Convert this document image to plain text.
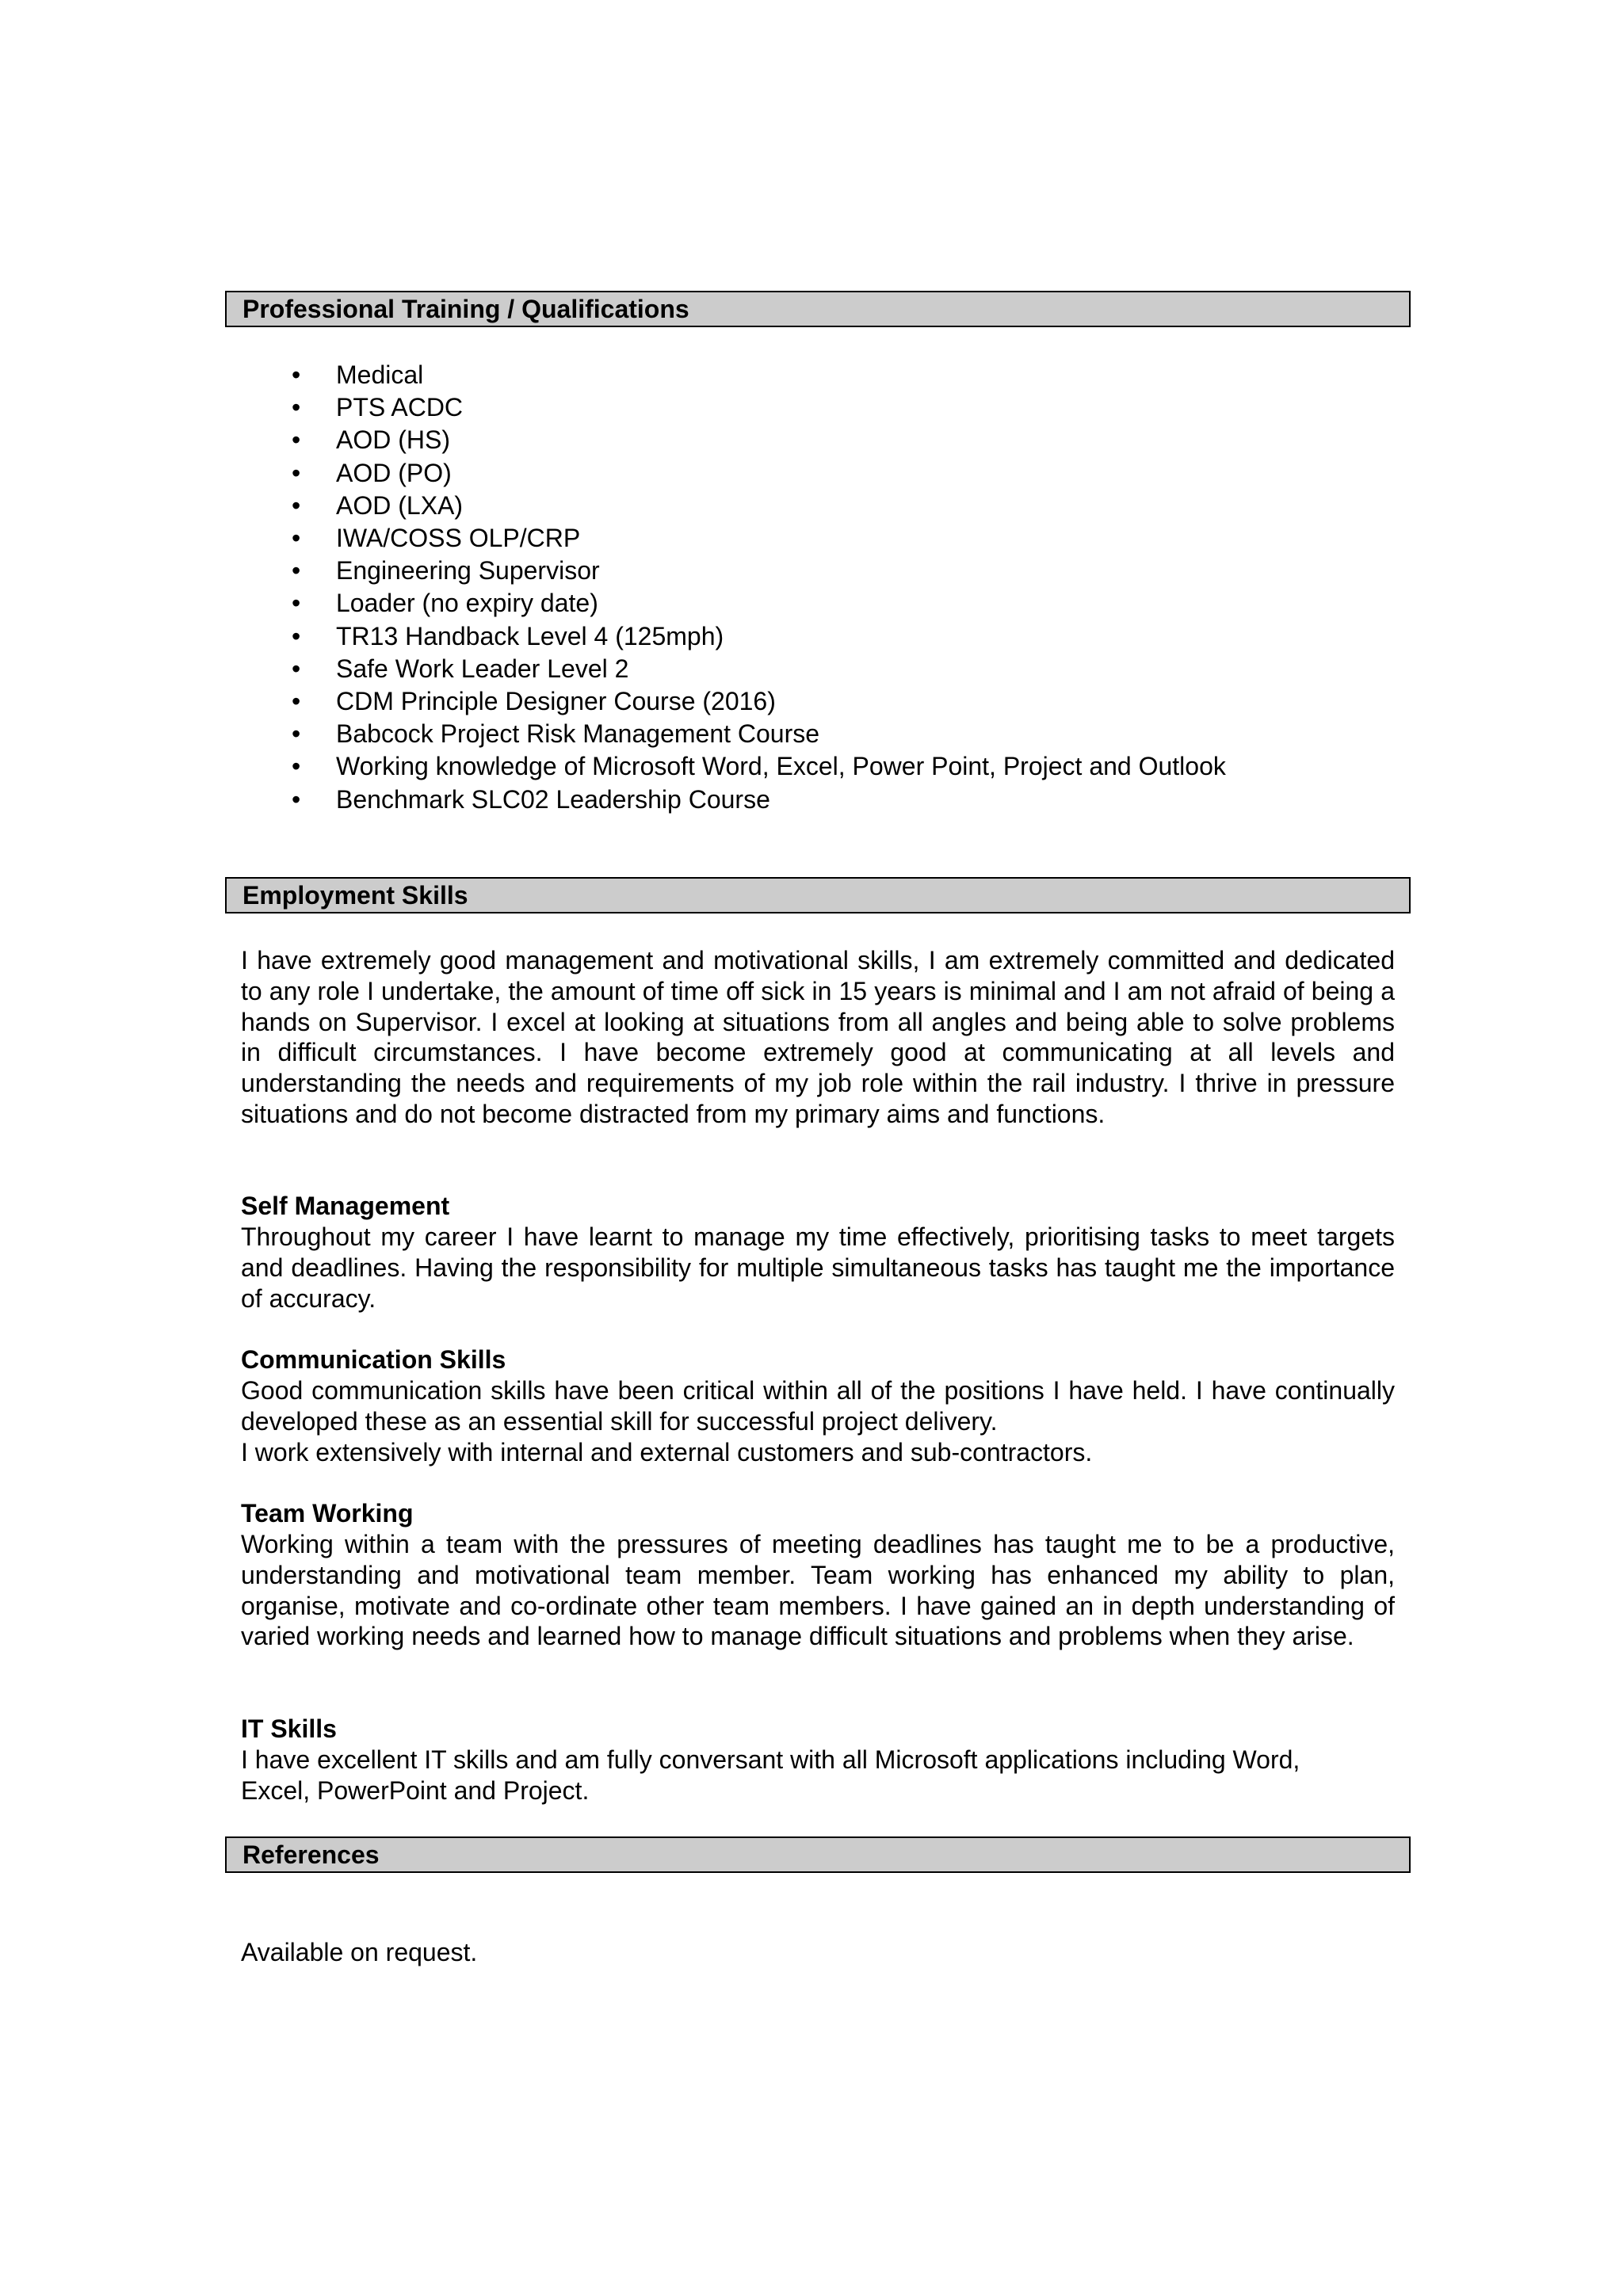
Professional Training / Qualifications
• Medical
• PTS ACDC
• AOD (HS)
• AOD (PO)
• AOD (LXA)
• IWA/COSS OLP/CRP
• Engineering Supervisor
• Loader (no expiry date)
• TR13 Handback Level 4 (125mph)
• Safe Work Leader Level 2
• CDM Principle Designer Course (2016)
• Babcock Project Risk Management Course
• Working knowledge of Microsoft Word, Excel, Power Point, Project and Outlook
• Benchmark SLC02 Leadership Course
Employment Skills

I have extremely good management and motivational skills, I am extremely committed and dedicated to any role I undertake, the amount of time off sick in 15 years is minimal and I am not afraid of being a hands on Supervisor. I excel at looking at situations from all angles and being able to solve problems in difficult circumstances. I have become extremely good at communicating at all levels and understanding the needs and requirements of my job role within the rail industry. I thrive in pressure situations and do not become distracted from my primary aims and functions.

Self Management

Throughout my career I have learnt to manage my time effectively, prioritising tasks to meet targets and deadlines. Having the responsibility for multiple simultaneous tasks has taught me the importance of accuracy.

Communication Skills

Good communication skills have been critical within all of the positions I have held. I have continually developed these as an essential skill for successful project delivery.

I work extensively with internal and external customers and sub-contractors.

Team Working

Working within a team with the pressures of meeting deadlines has taught me to be a productive, understanding and motivational team member. Team working has enhanced my ability to plan, organise, motivate and co-ordinate other team members. I have gained an in depth understanding of varied working needs and learned how to manage difficult situations and problems when they arise.

IT Skills

I have excellent IT skills and am fully conversant with all Microsoft applications including Word,

Excel, PowerPoint and Project.

References

Available on request.
